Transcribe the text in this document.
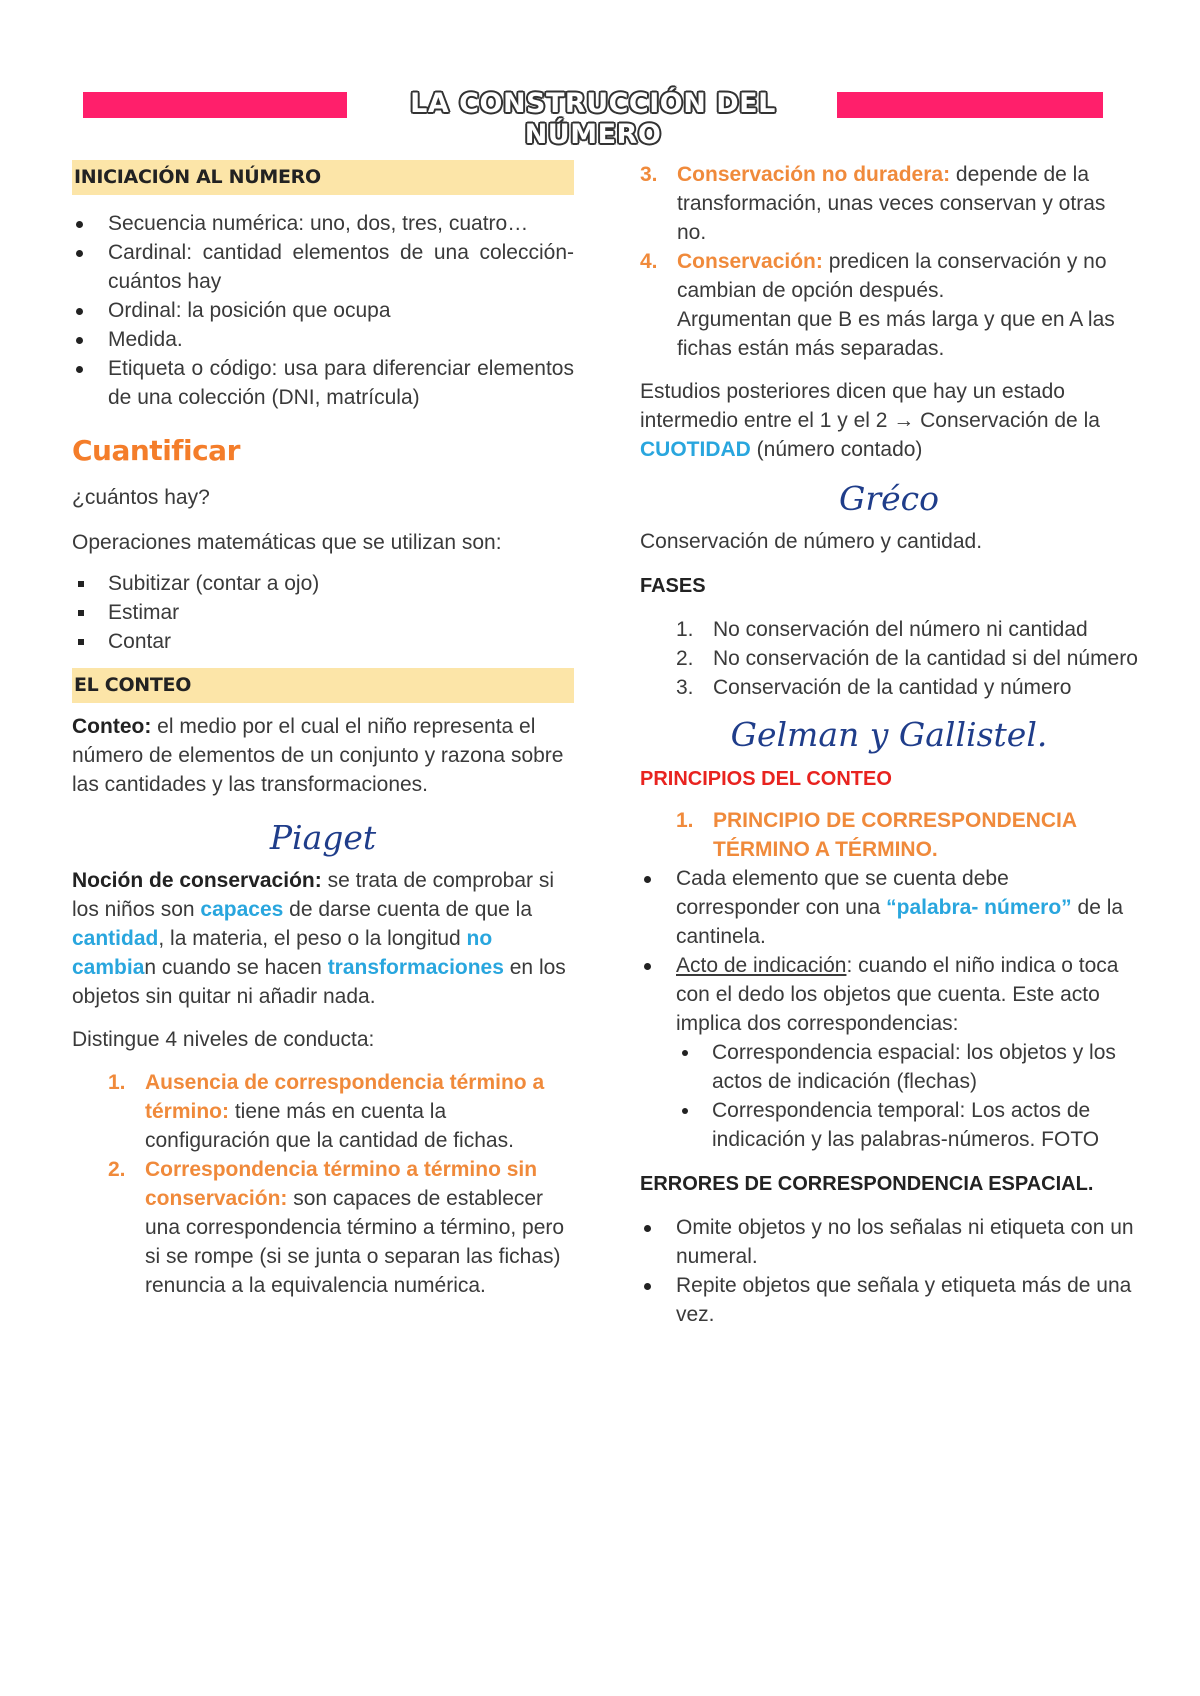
LA CONSTRUCCIÓN DEL NÚMERO
INICIACIÓN AL NÚMERO
Secuencia numérica: uno, dos, tres, cuatro…
Cardinal: cantidad elementos de una colección- cuántos hay
Ordinal: la posición que ocupa
Medida.
Etiqueta o código: usa para diferenciar elementos de una colección (DNI, matrícula)
Cuantificar

¿cuántos hay?

Operaciones matemáticas que se utilizan son:

Subitizar (contar a ojo)
Estimar
Contar
EL CONTEO

Conteo: el medio por el cual el niño representa el número de elementos de un conjunto y razona sobre las cantidades y las transformaciones.

Piaget

Noción de conservación: se trata de comprobar si los niños son capaces de darse cuenta de que la cantidad, la materia, el peso o la longitud no cambian cuando se hacen transformaciones en los objetos sin quitar ni añadir nada.

Distingue 4 niveles de conducta:

1. Ausencia de correspondencia término a término: tiene más en cuenta la configuración que la cantidad de fichas.
2. Correspondencia término a término sin conservación: son capaces de establecer una correspondencia término a término, pero si se rompe (si se junta o separan las fichas) renuncia a la equivalencia numérica.
3. Conservación no duradera: depende de la transformación, unas veces conservan y otras no.
4. Conservación: predicen la conservación y no cambian de opción después.
Argumentan que B es más larga y que en A las fichas están más separadas.

Estudios posteriores dicen que hay un estado intermedio entre el 1 y el 2 → Conservación de la CUOTIDAD (número contado)

Gréco

Conservación de número y cantidad.

FASES

1. No conservación del número ni cantidad
2. No conservación de la cantidad si del número
3. Conservación de la cantidad y número
Gelman y Gallistel.

PRINCIPIOS DEL CONTEO

1. PRINCIPIO DE CORRESPONDENCIA TÉRMINO A TÉRMINO.
Cada elemento que se cuenta debe corresponder con una “palabra- número” de la cantinela.
Acto de indicación: cuando el niño indica o toca con el dedo los objetos que cuenta. Este acto implica dos correspondencias:
Correspondencia espacial: los objetos y los actos de indicación (flechas)
Correspondencia temporal: Los actos de indicación y las palabras-números. FOTO

ERRORES DE CORRESPONDENCIA ESPACIAL.

Omite objetos y no los señalas ni etiqueta con un numeral.
Repite objetos que señala y etiqueta más de una vez.
